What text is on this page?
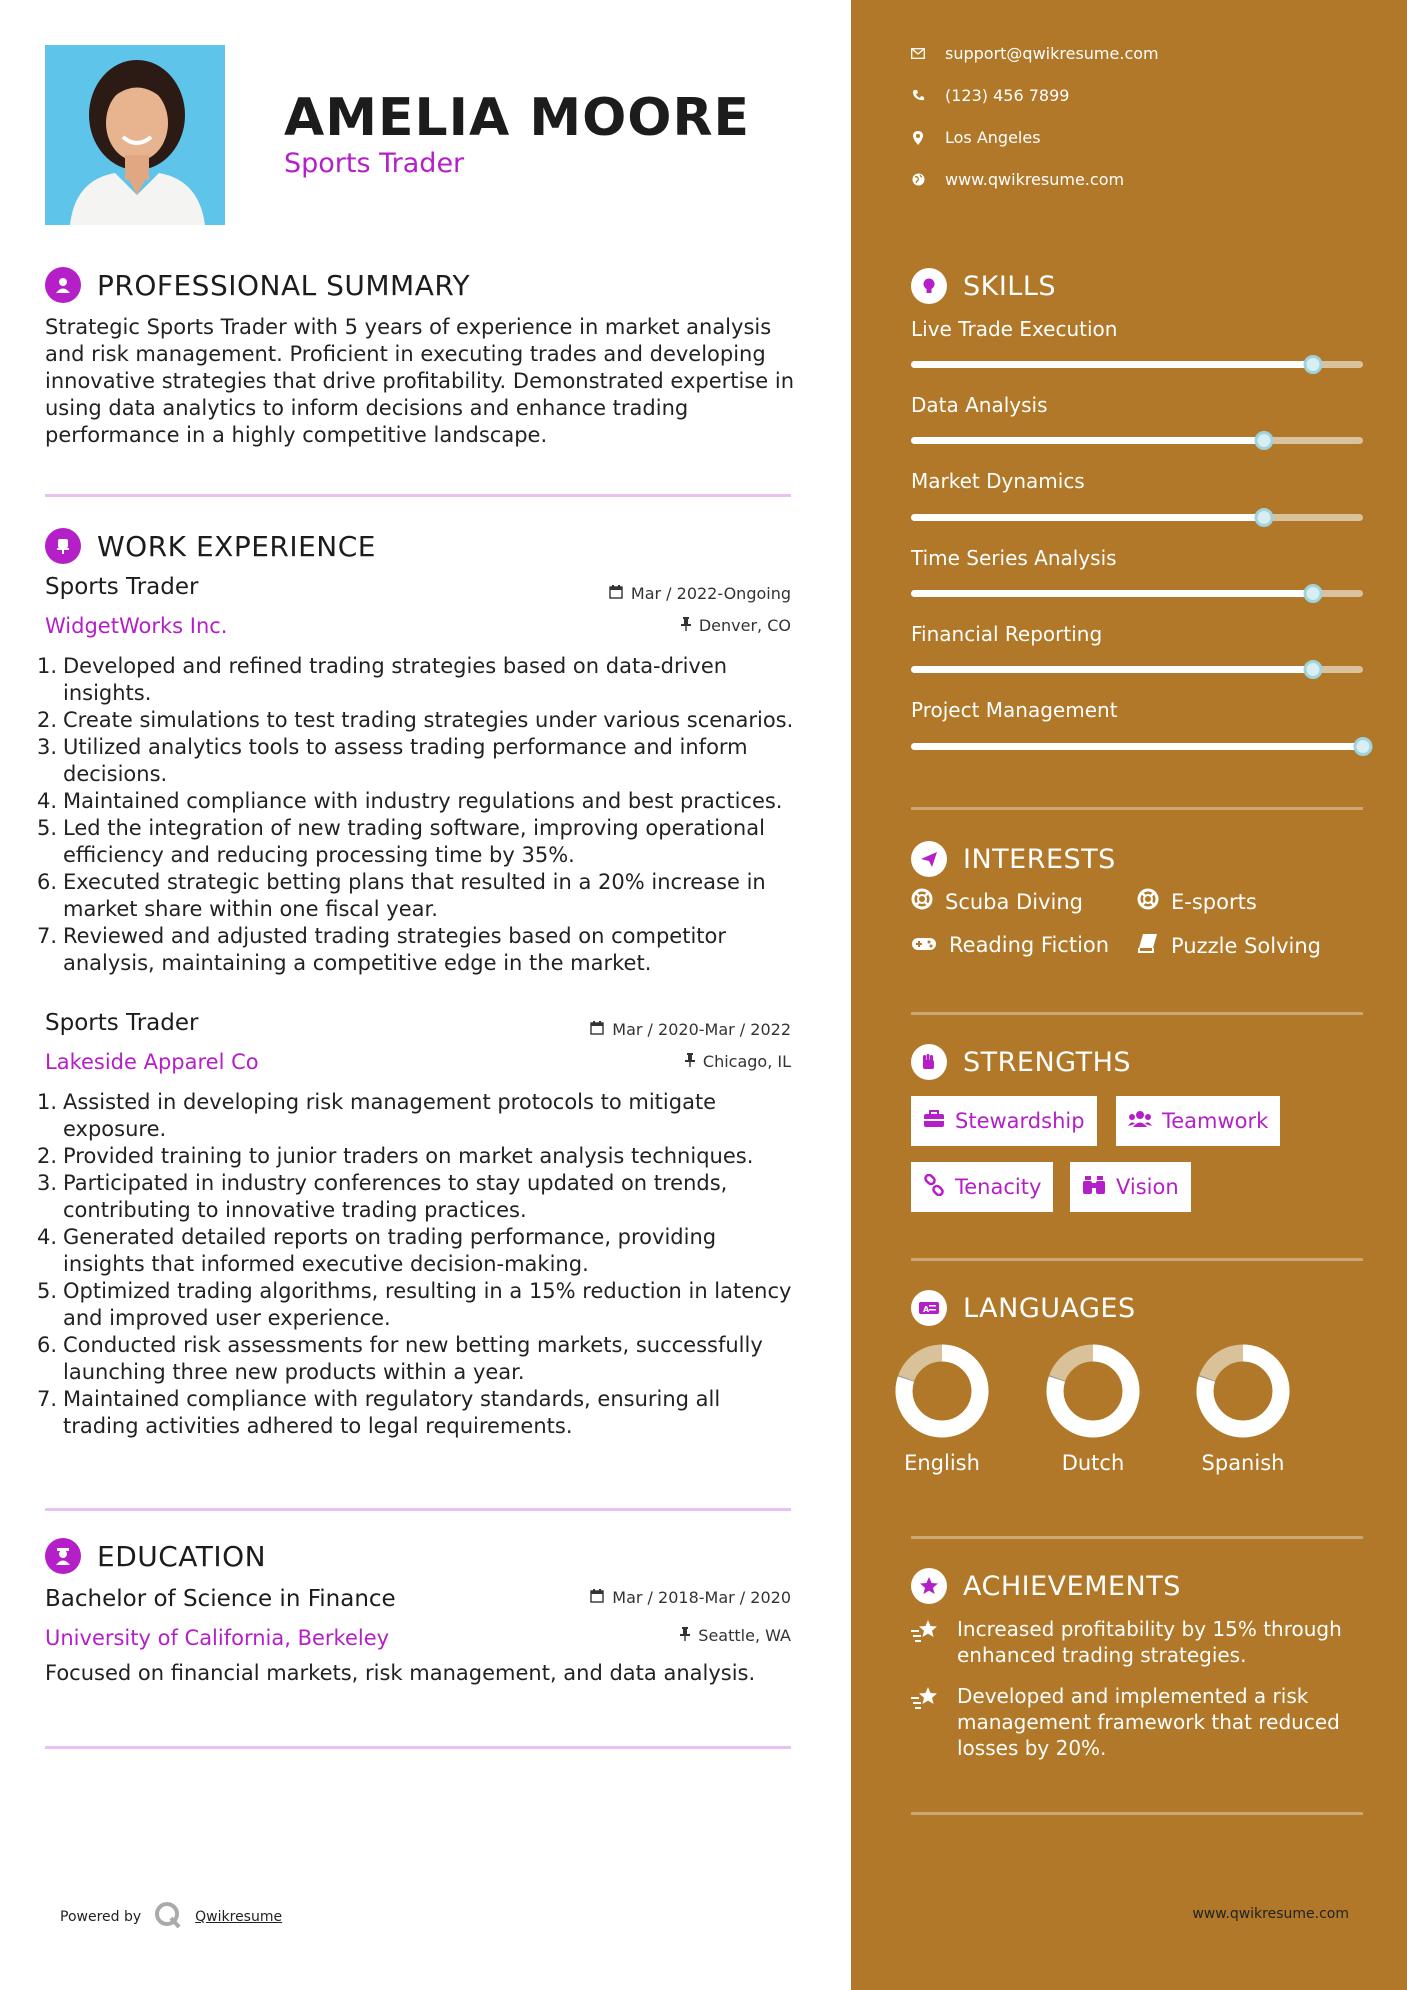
AMELIA MOORE
Sports Trader
PROFESSIONAL SUMMARY
Strategic Sports Trader with 5 years of experience in market analysis and risk management. Proficient in executing trades and developing innovative strategies that drive profitability. Demonstrated expertise in using data analytics to inform decisions and enhance trading performance in a highly competitive landscape.
WORK EXPERIENCE
Sports Trader
WidgetWorks Inc.
Mar / 2022-Ongoing
Denver, CO
1. Developed and refined trading strategies based on data-driven insights.
2. Create simulations to test trading strategies under various scenarios.
3. Utilized analytics tools to assess trading performance and inform decisions.
4. Maintained compliance with industry regulations and best practices.
5. Led the integration of new trading software, improving operational efficiency and reducing processing time by 35%.
6. Executed strategic betting plans that resulted in a 20% increase in market share within one fiscal year.
7. Reviewed and adjusted trading strategies based on competitor analysis, maintaining a competitive edge in the market.
Sports Trader
Lakeside Apparel Co
Mar / 2020-Mar / 2022
Chicago, IL
1. Assisted in developing risk management protocols to mitigate exposure.
2. Provided training to junior traders on market analysis techniques.
3. Participated in industry conferences to stay updated on trends, contributing to innovative trading practices.
4. Generated detailed reports on trading performance, providing insights that informed executive decision-making.
5. Optimized trading algorithms, resulting in a 15% reduction in latency and improved user experience.
6. Conducted risk assessments for new betting markets, successfully launching three new products within a year.
7. Maintained compliance with regulatory standards, ensuring all trading activities adhered to legal requirements.
EDUCATION
Bachelor of Science in Finance
University of California, Berkeley
Mar / 2018-Mar / 2020
Seattle, WA
Focused on financial markets, risk management, and data analysis.
Powered by	Qwikresume
support@qwikresume.com
(123) 456 7899
Los Angeles
www.qwikresume.com
SKILLS
Live Trade Execution
Data Analysis
Market Dynamics
Time Series Analysis
Financial Reporting
Project Management
INTERESTS
Scuba Diving	E-sports
Reading Fiction	Puzzle Solving
STRENGTHS
Stewardship	Teamwork
Tenacity	Vision
A LANGUAGES
English	Dutch	Spanish
ACHIEVEMENTS
Increased profitability by 15% through enhanced trading strategies.
Developed and implemented a risk management framework that reduced losses by 20%.
www.qwikresume.com
